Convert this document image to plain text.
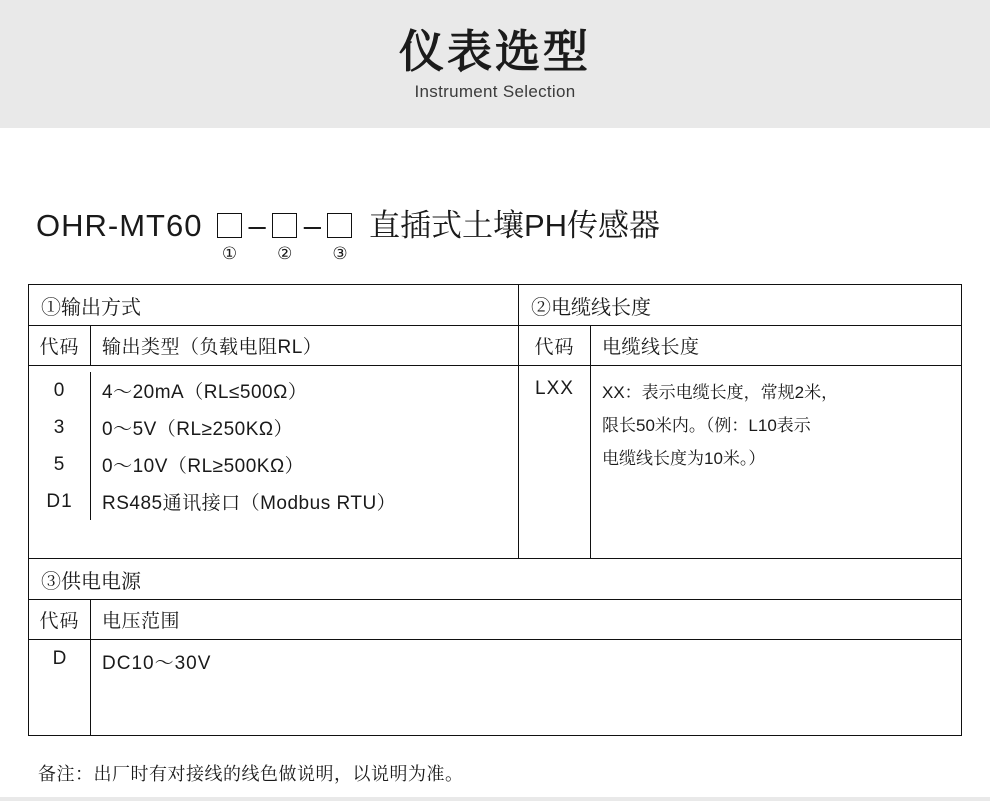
仪表选型
Instrument Selection
OHR-MT60
①
–
②
–
③
直插式土壤PH传感器
①输出方式
代码	输出类型（负载电阻RL）
0	4～20mA（RL≤500Ω）
3	0～5V（RL≥250KΩ）
5	0～10V（RL≥500KΩ）
D1	RS485通讯接口（Modbus RTU）
②电缆线长度
代码	电缆线长度
LXX	XX：表示电缆长度，常规2米，
限长50米内。（例：L10表示
电缆线长度为10米。）
③供电电源
代码	电压范围
D	DC10～30V
备注：出厂时有对接线的线色做说明，以说明为准。
